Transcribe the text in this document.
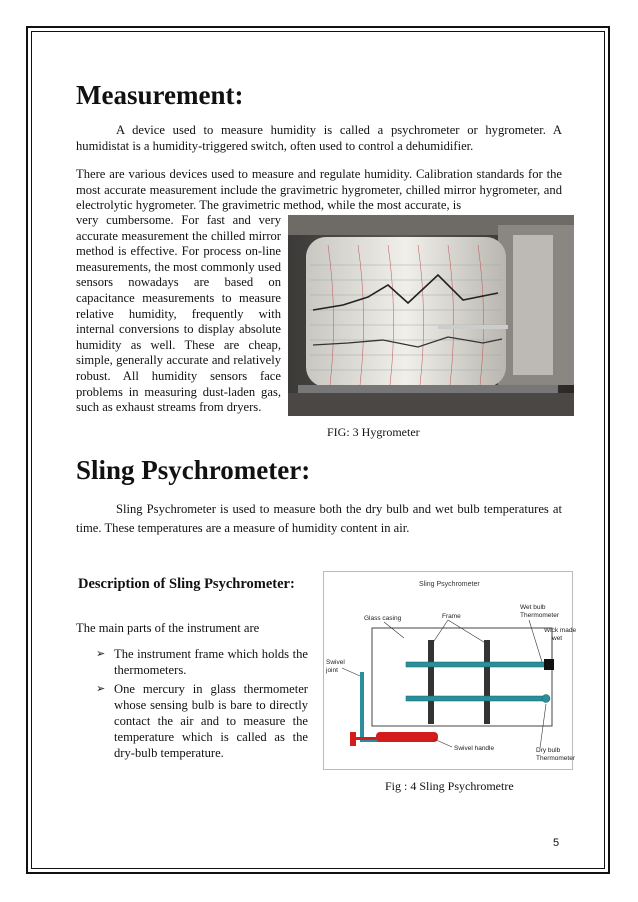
Measurement:

A device used to measure humidity is called a psychrometer or hygrometer. A humidistat is a humidity-triggered switch, often used to control a dehumidifier.

There are various devices used to measure and regulate humidity. Calibration standards for the most accurate measurement include the gravimetric hygrometer, chilled mirror hygrometer, and electrolytic hygrometer. The gravimetric method, while the most accurate, is

very cumbersome. For fast and very accurate measurement the chilled mirror method is effective. For process on-line measurements, the most commonly used sensors nowadays are based on capacitance measurements to measure relative humidity, frequently with internal conversions to display absolute humidity as well. These are cheap, simple, generally accurate and relatively robust. All humidity sensors face problems in measuring dust-laden gas, such as exhaust streams from dryers.

FIG: 3 Hygrometer
Sling Psychrometer:

Sling Psychrometer is used to measure both the dry bulb and wet bulb temperatures at time. These temperatures are a measure of humidity content in air.

Description of Sling Psychrometer:

The main parts of the instrument are

➢ The instrument frame which holds the thermometers.
➢ One mercury in glass thermometer whose sensing bulb is bare to directly contact the air and to measure the temperature which is called as the dry-bulb temperature.
Sling Psychrometer
Glass casing	Frame
Wet bulb
Thermometer
Wick made
wet
Swivel
joint
Swivel handle	Dry bulb
Thermometer
Fig : 4 Sling Psychrometre
5
